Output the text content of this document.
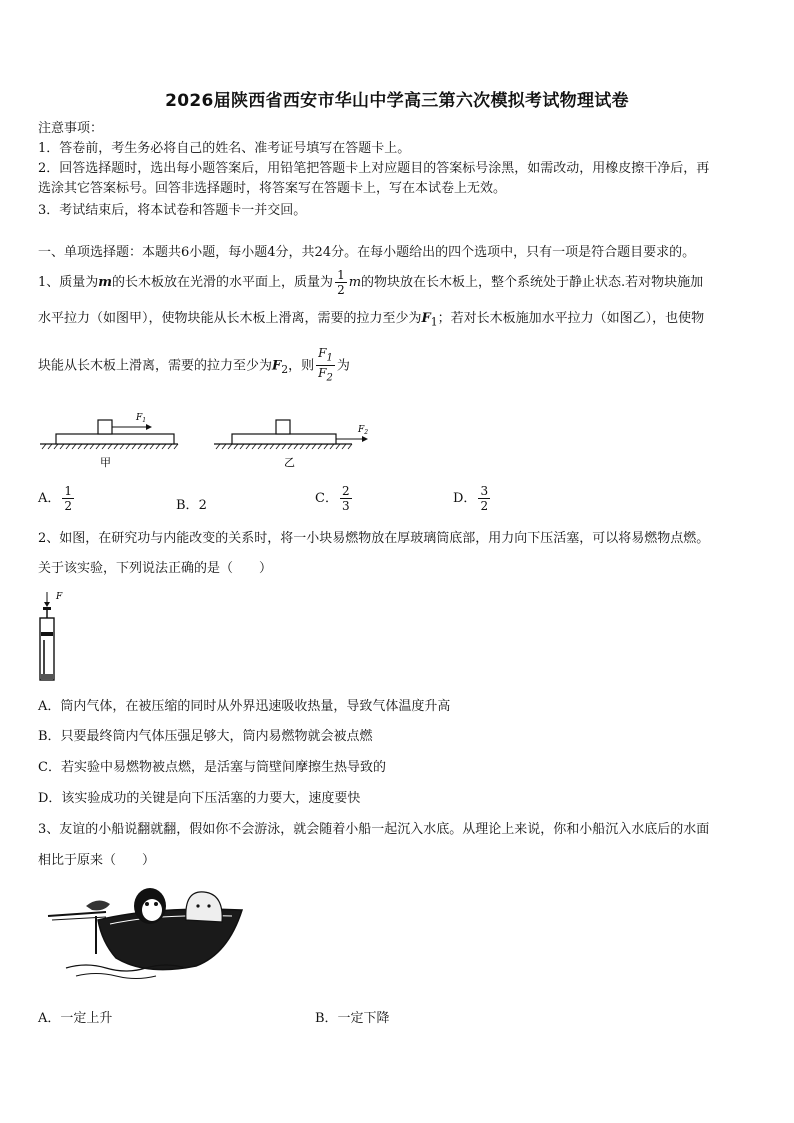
2026届陕西省西安市华山中学高三第六次模拟考试物理试卷
注意事项：
1．答卷前，考生务必将自己的姓名、准考证号填写在答题卡上。
2．回答选择题时，选出每小题答案后，用铅笔把答题卡上对应题目的答案标号涂黑，如需改动，用橡皮擦干净后，再
选涂其它答案标号。回答非选择题时，将答案写在答题卡上，写在本试卷上无效。
3．考试结束后，将本试卷和答题卡一并交回。
一、单项选择题：本题共6小题，每小题4分，共24分。在每小题给出的四个选项中，只有一项是符合题目要求的。
1、质量为m的长木板放在光滑的水平面上，质量为 $\frac{1}{2}$ m的物块放在长木板上，整个系统处于静止状态.若对物块施加
水平拉力（如图甲），使物块能从长木板上滑离，需要的拉力至少为$F_1$；若对长木板施加水平拉力（如图乙），也使物
块能从长木板上滑离，需要的拉力至少为$F_2$，则 $\frac{F_1}{F_2}$ 为
$F_1$
甲
$F_2$
乙
A． $\frac{1}{2}$	B．2	C． $\frac{2}{3}$	D． $\frac{3}{2}$
2、如图，在研究功与内能改变的关系时，将一小块易燃物放在厚玻璃筒底部，用力向下压活塞，可以将易燃物点燃。
关于该实验，下列说法正确的是（　　）
F
A．筒内气体，在被压缩的同时从外界迅速吸收热量，导致气体温度升高
B．只要最终筒内气体压强足够大，筒内易燃物就会被点燃
C．若实验中易燃物被点燃，是活塞与筒壁间摩擦生热导致的
D．该实验成功的关键是向下压活塞的力要大，速度要快
3、友谊的小船说翻就翻，假如你不会游泳，就会随着小船一起沉入水底。从理论上来说，你和小船沉入水底后的水面
相比于原来（　　）
A．一定上升	B．一定下降
